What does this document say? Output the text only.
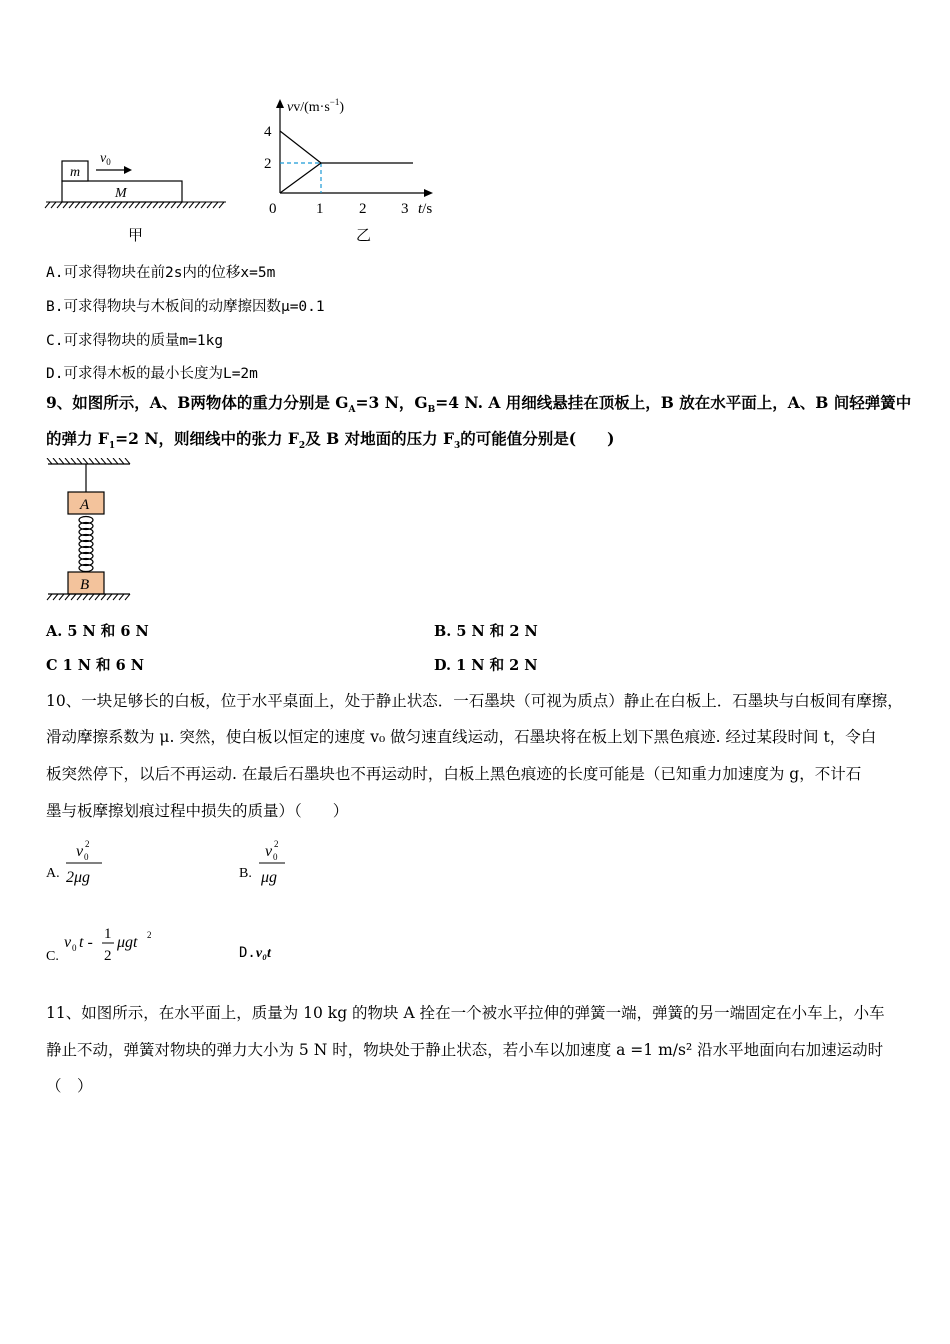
m
M
$v_0$
甲
$vv/(m\cdot s^{-1})$
t/s
4
2
0	1 2 3
乙
A.可求得物块在前2s内的位移x=5m
B.可求得物块与木板间的动摩擦因数μ=0.1
C.可求得物块的质量m=1kg
D.可求得木板的最小长度为L=2m
9、如图所示，A、B两物体的重力分别是 $G_A=3$ N，$G_B=4$ N. A 用细线悬挂在顶板上，B 放在水平面上，A、B 间轻弹簧中
的弹力 $F_1=2$ N，则细线中的张力 $F_2$及 B 对地面的压力 $F_3$的可能值分别是(　　)
A
B
A. 5 N 和 6 N	B. 5 N 和 2 N
C 1 N 和 6 N	D. 1 N 和 2 N
10、一块足够长的白板，位于水平桌面上，处于静止状态．一石墨块（可视为质点）静止在白板上．石墨块与白板间有摩擦，
滑动摩擦系数为 μ. 突然，使白板以恒定的速度 v₀ 做匀速直线运动，石墨块将在板上划下黑色痕迹. 经过某段时间 t，令白
板突然停下，以后不再运动. 在最后石墨块也不再运动时，白板上黑色痕迹的长度可能是（已知重力加速度为 g，不计石
墨与板摩擦划痕过程中损失的质量）（　　）
A.
v 2
0
2μg	B.
v 2
0
μg
C.
v 0 t - 1
2
μgt 2
D.v₀t
11、如图所示，在水平面上，质量为 10 kg 的物块 A 拴在一个被水平拉伸的弹簧一端，弹簧的另一端固定在小车上，小车
静止不动，弹簧对物块的弹力大小为 5 N 时，物块处于静止状态，若小车以加速度 a =1 m/s² 沿水平地面向右加速运动时
（　）
